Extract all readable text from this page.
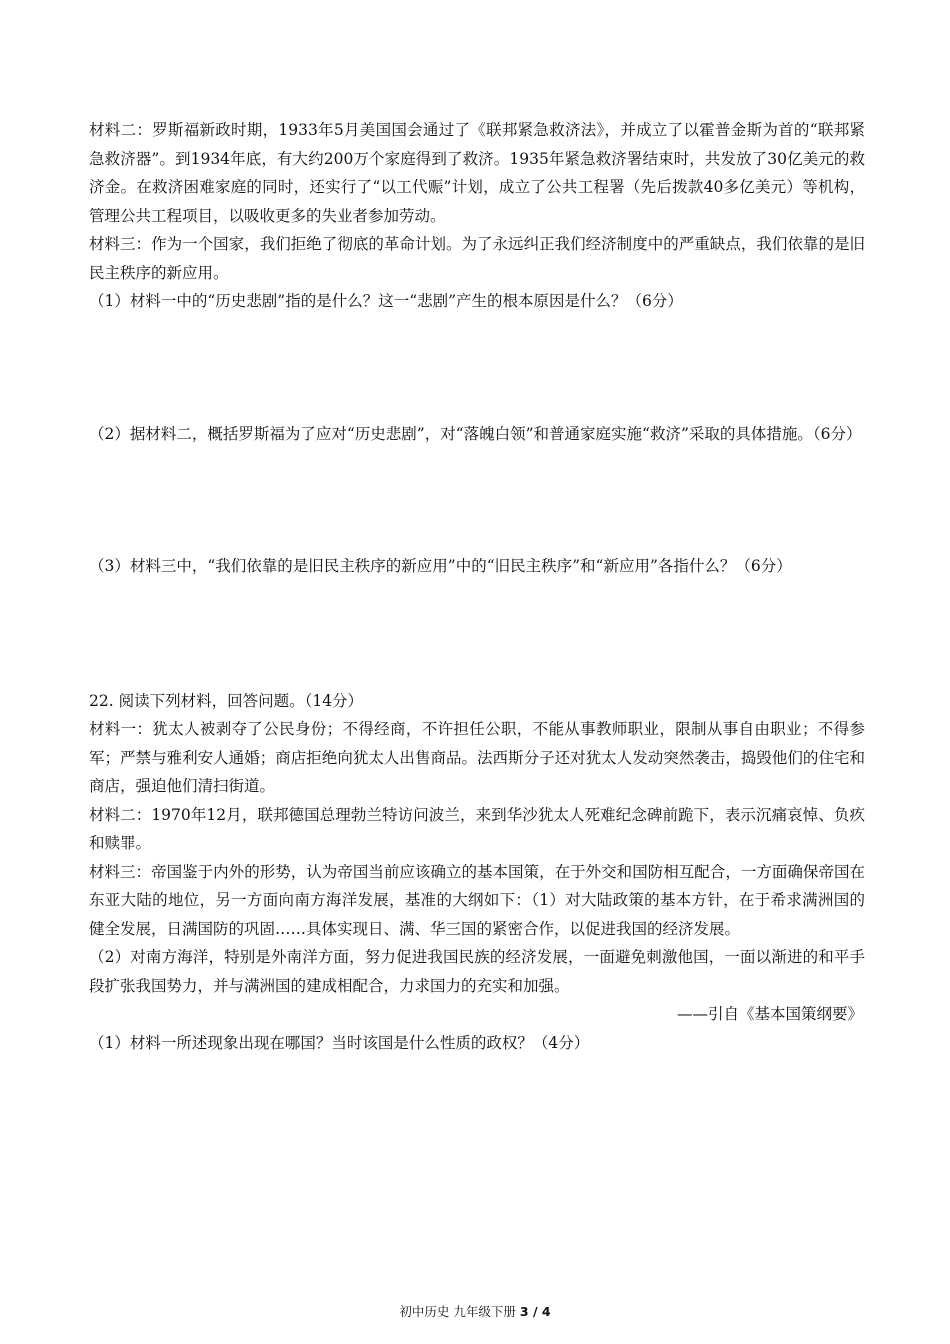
材料二：罗斯福新政时期，1933年5月美国国会通过了《联邦紧急救济法》，并成立了以霍普金斯为首的“联邦紧急救济器”。到1934年底，有大约200万个家庭得到了救济。1935年紧急救济署结束时，共发放了30亿美元的救济金。在救济困难家庭的同时，还实行了“以工代赈”计划，成立了公共工程署（先后拨款40多亿美元）等机构，管理公共工程项目，以吸收更多的失业者参加劳动。

材料三：作为一个国家，我们拒绝了彻底的革命计划。为了永远纠正我们经济制度中的严重缺点，我们依靠的是旧民主秩序的新应用。

（1）材料一中的“历史悲剧”指的是什么？这一“悲剧”产生的根本原因是什么？（6分）

（2）据材料二，概括罗斯福为了应对“历史悲剧”，对“落魄白领”和普通家庭实施“救济”采取的具体措施。（6分）

（3）材料三中，“我们依靠的是旧民主秩序的新应用”中的“旧民主秩序”和“新应用”各指什么？（6分）

22. 阅读下列材料，回答问题。（14分）

材料一：犹太人被剥夺了公民身份；不得经商，不许担任公职，不能从事教师职业，限制从事自由职业；不得参军；严禁与雅利安人通婚；商店拒绝向犹太人出售商品。法西斯分子还对犹太人发动突然袭击，捣毁他们的住宅和商店，强迫他们清扫街道。

材料二：1970年12月，联邦德国总理勃兰特访问波兰，来到华沙犹太人死难纪念碑前跪下，表示沉痛哀悼、负疚和赎罪。

材料三：帝国鉴于内外的形势，认为帝国当前应该确立的基本国策，在于外交和国防相互配合，一方面确保帝国在东亚大陆的地位，另一方面向南方海洋发展，基准的大纲如下：（1）对大陆政策的基本方针，在于希求满洲国的健全发展，日满国防的巩固……具体实现日、满、华三国的紧密合作，以促进我国的经济发展。

（2）对南方海洋，特别是外南洋方面，努力促进我国民族的经济发展，一面避免刺激他国，一面以渐进的和平手段扩张我国势力，并与满洲国的建成相配合，力求国力的充实和加强。

——引自《基本国策纲要》

（1）材料一所述现象出现在哪国？当时该国是什么性质的政权？（4分）

初中历史 九年级下册 3 / 4
